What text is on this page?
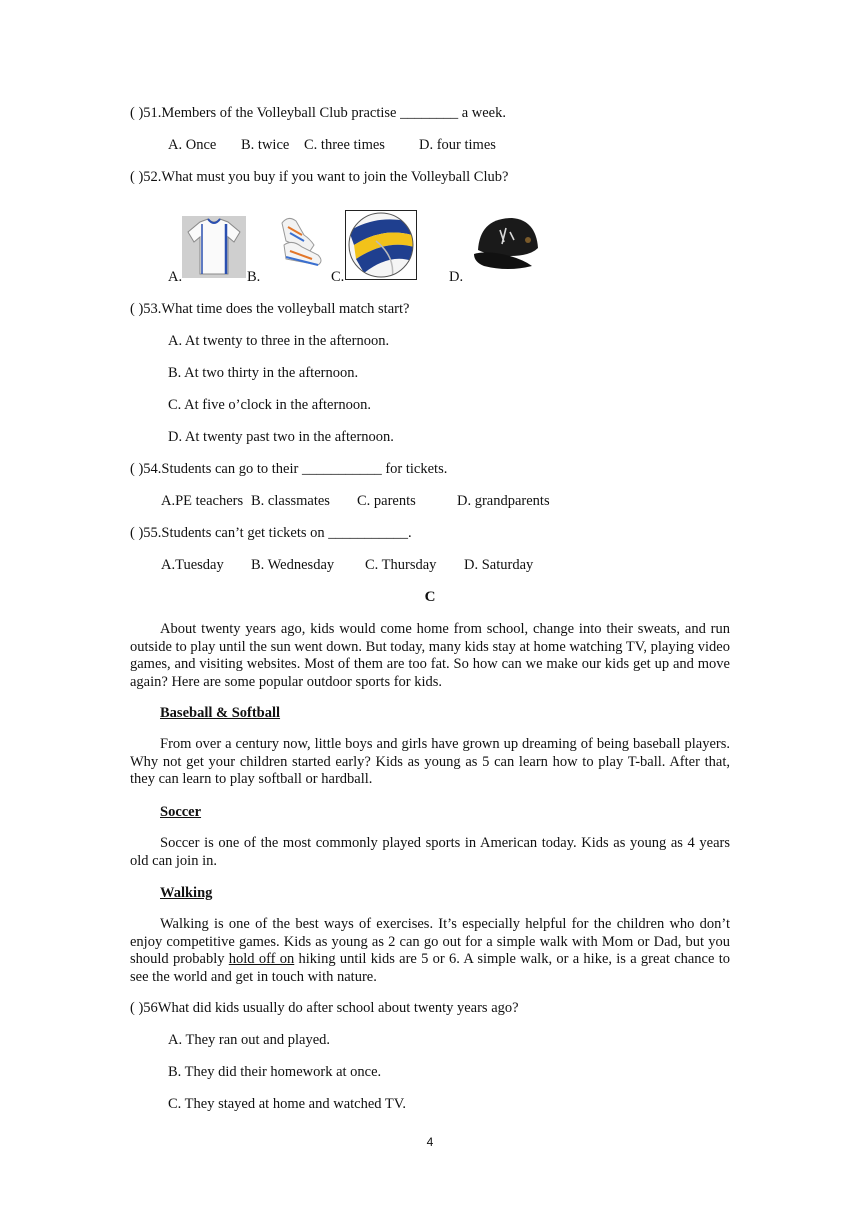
( )51.Members of the Volleyball Club practise ________ a week.
A. Once B. twice C. three times D. four times
( )52.What must you buy if you want to join the Volleyball Club?
A.	B.	C.	D.
( )53.What time does the volleyball match start?
A. At twenty to three in the afternoon.
B. At two thirty in the afternoon.
C. At five o’clock in the afternoon.
D. At twenty past two in the afternoon.
( )54.Students can go to their ___________ for tickets.
A.PE teachers B. classmates C. parents	D. grandparents
( )55.Students can’t get tickets on ___________.
A.Tuesday B. Wednesday C. Thursday D. Saturday
C
About twenty years ago, kids would come home from school, change into their sweats, and run outside to play until the sun went down. But today, many kids stay at home watching TV, playing video games, and visiting websites. Most of them are too fat. So how can we make our kids get up and move again? Here are some popular outdoor sports for kids.
Baseball & Softball
From over a century now, little boys and girls have grown up dreaming of being baseball players. Why not get your children started early? Kids as young as 5 can learn how to play T-ball. After that, they can learn to play softball or hardball.
Soccer
Soccer is one of the most commonly played sports in American today. Kids as young as 4 years old can join in.
Walking
Walking is one of the best ways of exercises. It’s especially helpful for the children who don’t enjoy competitive games. Kids as young as 2 can go out for a simple walk with Mom or Dad, but you should probably hold off on hiking until kids are 5 or 6. A simple walk, or a hike, is a great chance to see the world and get in touch with nature.
( )56What did kids usually do after school about twenty years ago?
A. They ran out and played.
B. They did their homework at once.
C. They stayed at home and watched TV.
4
